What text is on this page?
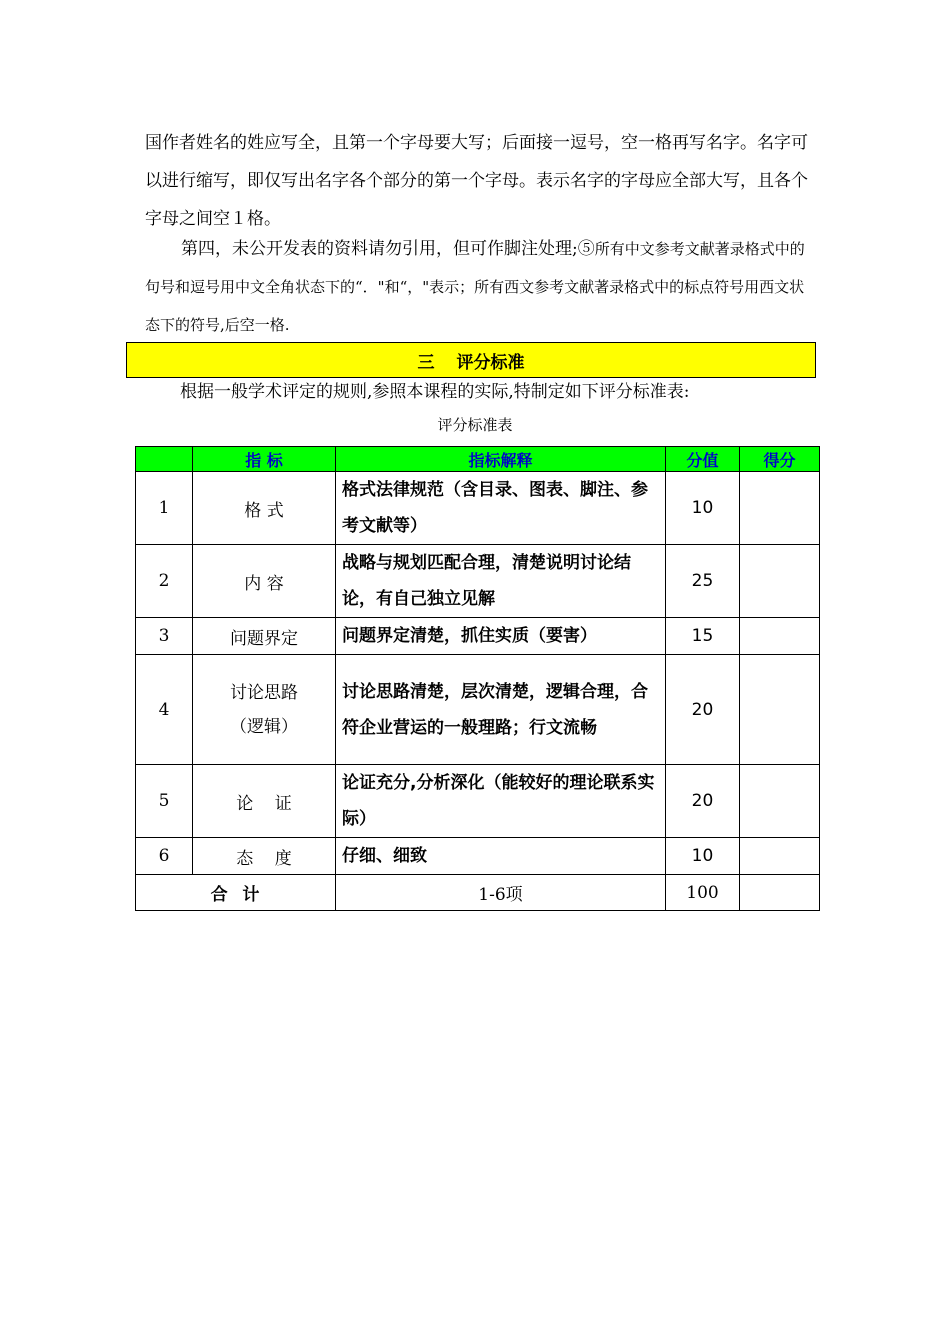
国作者姓名的姓应写全，且第一个字母要大写；后面接一逗号，空一格再写名字。名字可以进行缩写，即仅写出名字各个部分的第一个字母。表示名字的字母应全部大写，且各个字母之间空１格。

第四，未公开发表的资料请勿引用，但可作脚注处理;⑤所有中文参考文献著录格式中的句号和逗号用中文全角状态下的“．"和“，"表示；所有西文参考文献著录格式中的标点符号用西文状态下的符号,后空一格.

三 评分标准
根据一般学术评定的规则,参照本课程的实际,特制定如下评分标准表:
评分标准表
	指 标	指标解释	分值	得分
1	格 式	格式法律规范（含目录、图表、脚注、参考文献等）	10	
2	内 容	战略与规划匹配合理，清楚说明讨论结论，有自己独立见解	25	
3	问题界定	问题界定清楚，抓住实质（要害）	15	
4	讨论思路（逻辑）	讨论思路清楚，层次清楚，逻辑合理，合符企业营运的一般理路；行文流畅	20	
5	论    证	论证充分,分析深化（能较好的理论联系实际）	20	
6	态    度	仔细、细致	10	
合  计		1-6项	100	
